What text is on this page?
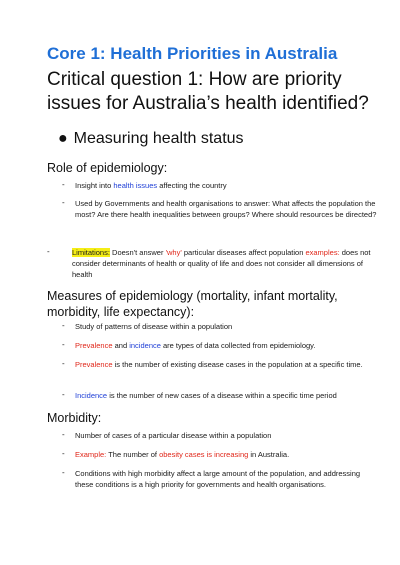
Core 1: Health Priorities in Australia
Critical question 1: How are priority issues for Australia’s health identified?
● Measuring health status
Role of epidemiology:
- Insight into health issues affecting the country
- Used by Governments and health organisations to answer: What affects the population the most? Are there health inequalities between groups? Where should resources be directed?
-	Limitations: Doesn't answer 'why' particular diseases affect population examples: does not consider determinants of health or quality of life and does not consider all dimensions of health
Measures of epidemiology (mortality, infant mortality, morbidity, life expectancy):
- Study of patterns of disease within a population
- Prevalence and incidence are types of data collected from epidemiology.
- Prevalence is the number of existing disease cases in the population at a specific time.
- Incidence is the number of new cases of a disease within a specific time period
Morbidity:
- Number of cases of a particular disease within a population
- Example: The number of obesity cases is increasing in Australia.
- Conditions with high morbidity affect a large amount of the population, and addressing these conditions is a high priority for governments and health organisations.
